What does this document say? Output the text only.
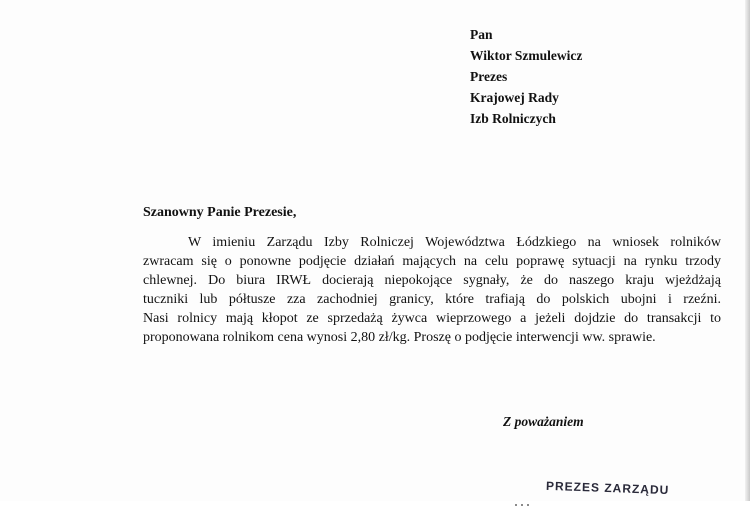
Pan
Wiktor Szmulewicz
Prezes
Krajowej Rady
Izb Rolniczych
Szanowny Panie Prezesie,
W imieniu Zarządu Izby Rolniczej Województwa Łódzkiego na wniosek rolników
zwracam się o ponowne podjęcie działań mających na celu poprawę sytuacji na rynku trzody
chlewnej. Do biura IRWŁ docierają niepokojące sygnały, że do naszego kraju wjeżdżają
tuczniki lub półtusze zza zachodniej granicy, które trafiają do polskich ubojni i rzeźni.
Nasi rolnicy mają kłopot ze sprzedażą żywca wieprzowego a jeżeli dojdzie do transakcji to
proponowana rolnikom cena wynosi 2,80 zł/kg. Proszę o podjęcie interwencji ww. sprawie.
Z poważaniem
PREZES ZARZĄDU
